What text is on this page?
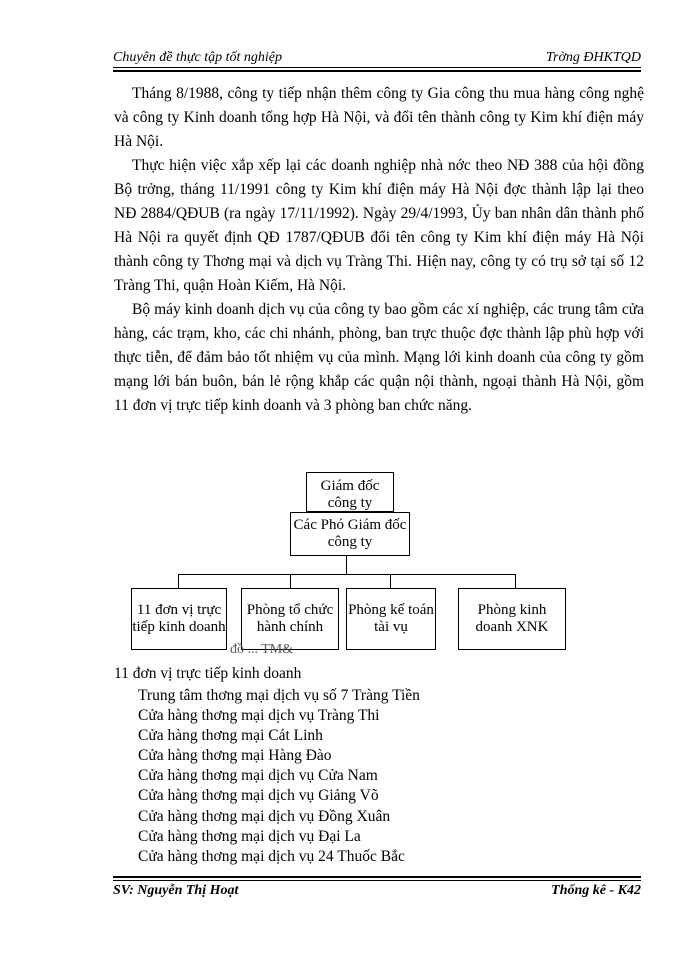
Chuyên đề thực tập tốt nghiệp	Trờng ĐHKTQD

Tháng 8/1988, công ty tiếp nhận thêm công ty Gia công thu mua hàng công nghệ và công ty Kinh doanh tổng hợp Hà Nội, và đổi tên thành công ty Kim khí điện máy Hà Nội.

Thực hiện việc xắp xếp lại các doanh nghiệp nhà nớc theo NĐ 388 của hội đồng Bộ trởng, tháng 11/1991 công ty Kim khí điện máy Hà Nội đợc thành lập lại theo NĐ 2884/QĐUB (ra ngày 17/11/1992). Ngày 29/4/1993, Ủy ban nhân dân thành phố Hà Nội ra quyết định QĐ 1787/QĐUB đổi tên công ty Kim khí điện máy Hà Nội thành công ty Thơng mại và dịch vụ Tràng Thi. Hiện nay, công ty có trụ sở tại số 12 Tràng Thi, quận Hoàn Kiếm, Hà Nội.

Bộ máy kinh doanh dịch vụ của công ty bao gồm các xí nghiệp, các trung tâm cửa hàng, các trạm, kho, các chi nhánh, phòng, ban trực thuộc đợc thành lập phù hợp với thực tiễn, để đảm bảo tốt nhiệm vụ của mình. Mạng lới kinh doanh của công ty gồm mạng lới bán buôn, bán lẻ rộng khắp các quận nội thành, ngoại thành Hà Nội, gồm 11 đơn vị trực tiếp kinh doanh và 3 phòng ban chức năng.

Giám đốc công ty
Các Phó Giám đốc công ty
11 đơn vị trực tiếp kinh doanh
Phòng tổ chức hành chính
Phòng kế toán tài vụ
Phòng kinh doanh XNK
đồ ... TM&
11 đơn vị trực tiếp kinh doanh
Trung tâm thơng mại dịch vụ số 7 Tràng Tiền
Cửa hàng thơng mại dịch vụ Tràng Thi
Cửa hàng thơng mại Cát Linh
Cửa hàng thơng mại Hàng Đào
Cửa hàng thơng mại dịch vụ Cửa Nam
Cửa hàng thơng mại dịch vụ Giảng Võ
Cửa hàng thơng mại dịch vụ Đồng Xuân
Cửa hàng thơng mại dịch vụ Đại La
Cửa hàng thơng mại dịch vụ 24 Thuốc Bắc
SV: Nguyễn Thị Hoạt	Thống kê - K42
